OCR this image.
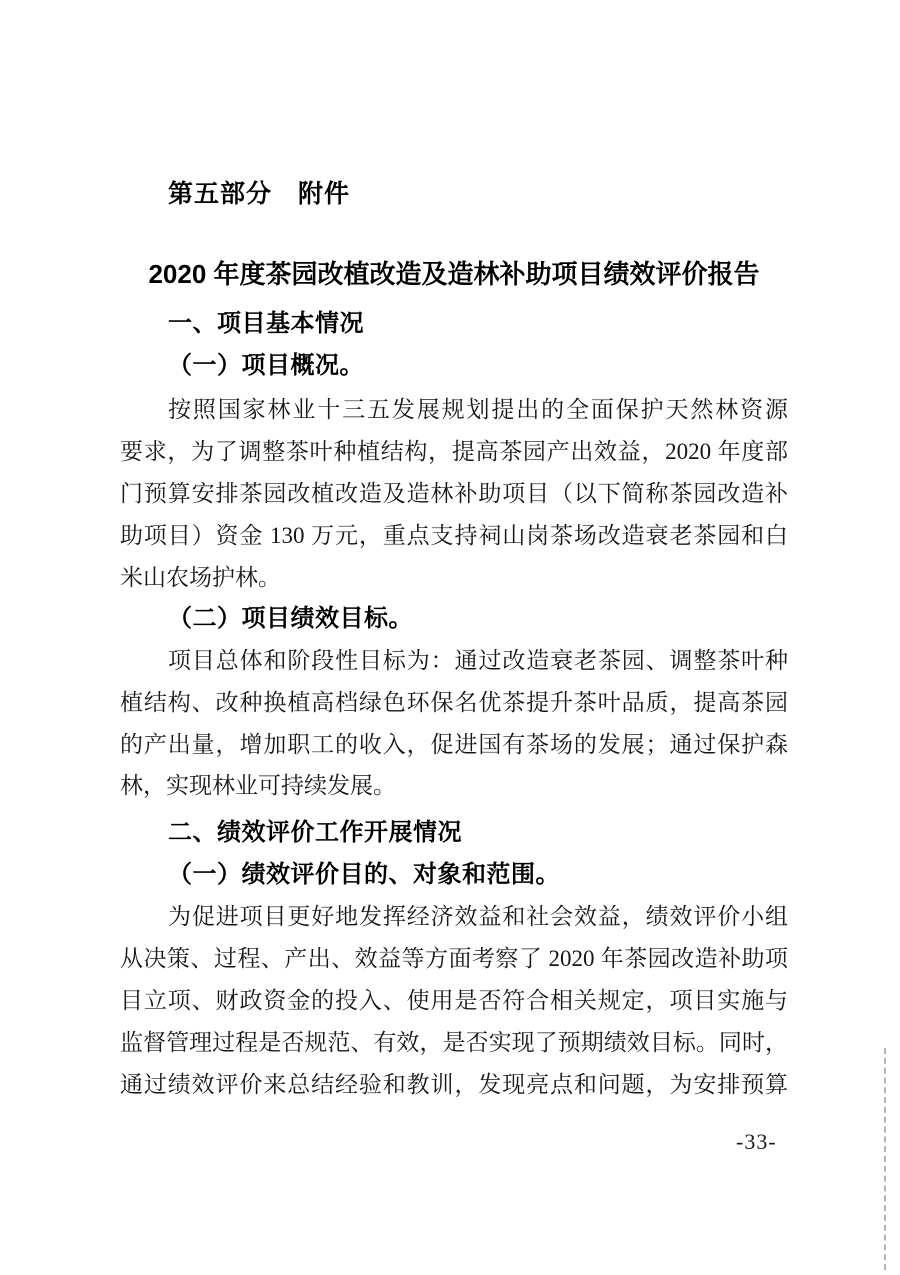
第五部分　附件
2020 年度茶园改植改造及造林补助项目绩效评价报告
一、项目基本情况
（一）项目概况。
按照国家林业十三五发展规划提出的全面保护天然林资源
要求，为了调整茶叶种植结构，提高茶园产出效益，2020 年度部
门预算安排茶园改植改造及造林补助项目（以下简称茶园改造补
助项目）资金 130 万元，重点支持祠山岗茶场改造衰老茶园和白
米山农场护林。
（二）项目绩效目标。
项目总体和阶段性目标为：通过改造衰老茶园、调整茶叶种
植结构、改种换植高档绿色环保名优茶提升茶叶品质，提高茶园
的产出量，增加职工的收入，促进国有茶场的发展；通过保护森
林，实现林业可持续发展。
二、绩效评价工作开展情况
（一）绩效评价目的、对象和范围。
为促进项目更好地发挥经济效益和社会效益，绩效评价小组
从决策、过程、产出、效益等方面考察了 2020 年茶园改造补助项
目立项、财政资金的投入、使用是否符合相关规定，项目实施与
监督管理过程是否规范、有效，是否实现了预期绩效目标。同时，
通过绩效评价来总结经验和教训，发现亮点和问题，为安排预算
-33-
